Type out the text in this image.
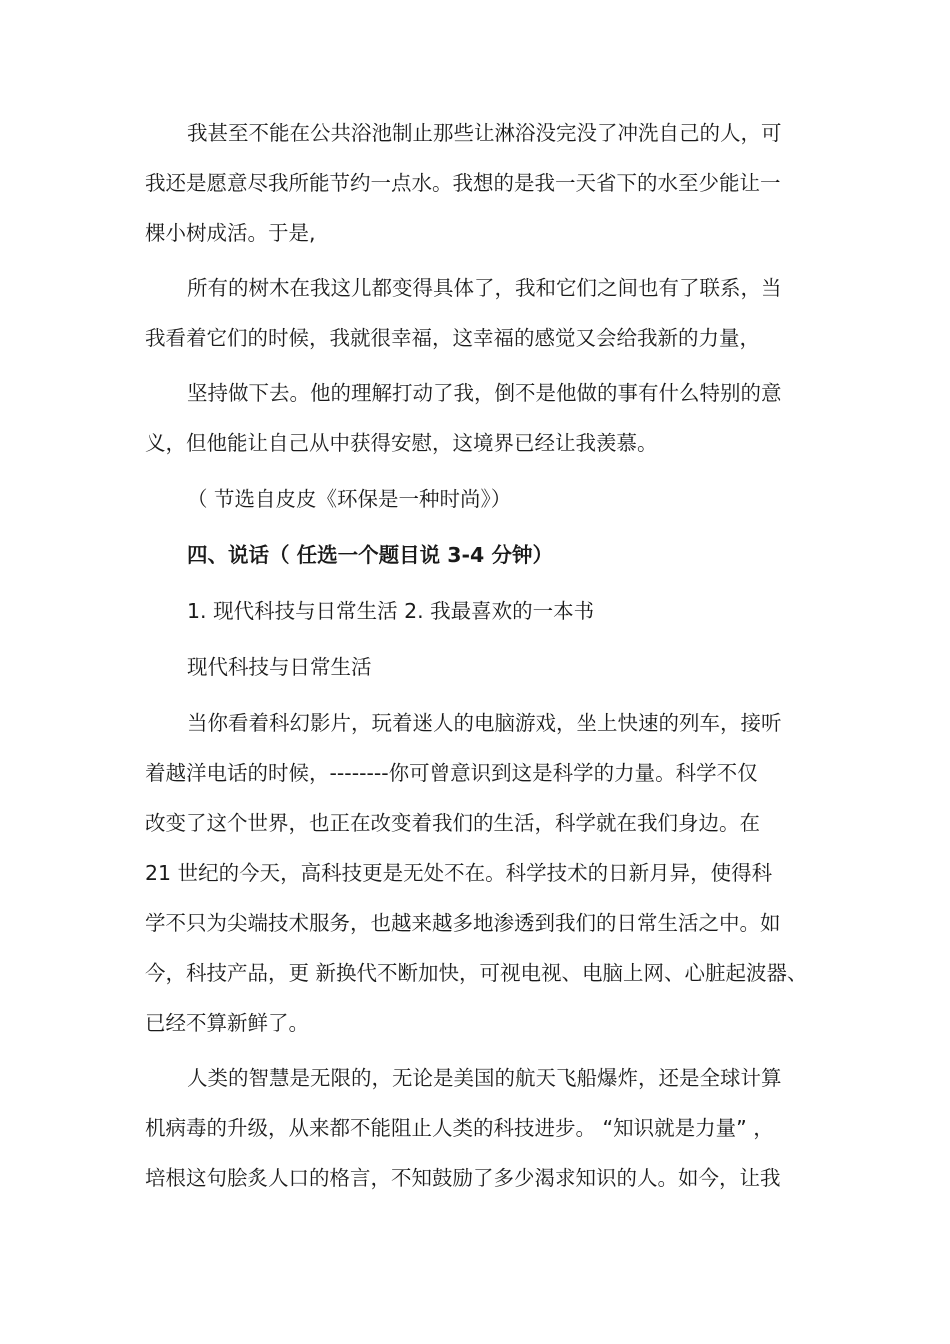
我甚至不能在公共浴池制止那些让淋浴没完没了冲洗自己的人，可
我还是愿意尽我所能节约一点水。我想的是我一天省下的水至少能让一
棵小树成活。于是,
所有的树木在我这儿都变得具体了，我和它们之间也有了联系，当
我看着它们的时候，我就很幸福，这幸福的感觉又会给我新的力量，
坚持做下去。他的理解打动了我，倒不是他做的事有什么特别的意
义，但他能让自己从中获得安慰，这境界已经让我羡慕。
（ 节选自皮皮《环保是一种时尚》）
四、说话（ 任选一个题目说 3-4 分钟）
1. 现代科技与日常生活 2. 我最喜欢的一本书
现代科技与日常生活
当你看着科幻影片，玩着迷人的电脑游戏，坐上快速的列车，接听
着越洋电话的时候，--------你可曾意识到这是科学的力量。科学不仅
改变了这个世界，也正在改变着我们的生活，科学就在我们身边。在
21 世纪的今天，高科技更是无处不在。科学技术的日新月异，使得科
学不只为尖端技术服务，也越来越多地渗透到我们的日常生活之中。如
今，科技产品，更 新换代不断加快，可视电视、电脑上网、心脏起波器、
已经不算新鲜了。
人类的智慧是无限的，无论是美国的航天飞船爆炸，还是全球计算
机病毒的升级，从来都不能阻止人类的科技进步。 “知识就是力量” ，
培根这句脍炙人口的格言，不知鼓励了多少渴求知识的人。如今，让我
